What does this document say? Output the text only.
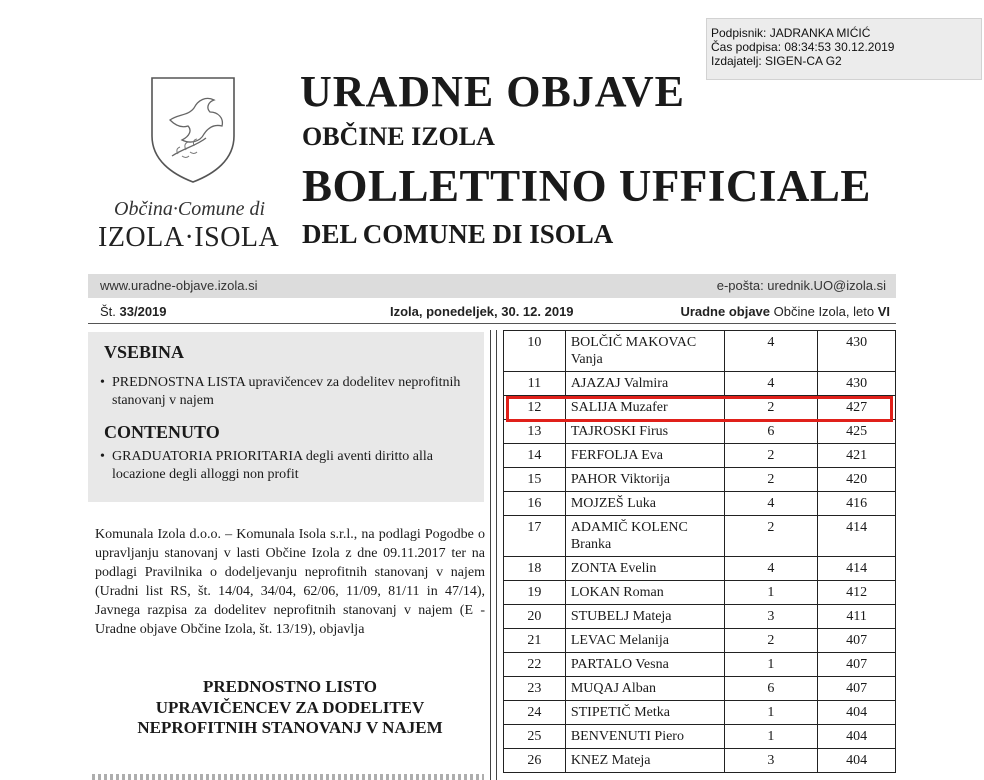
Podpisnik: JADRANKA MIĆIĆ
Čas podpisa: 08:34:53 30.12.2019
Izdajatelj: SIGEN-CA G2
Občina·Comune di
IZOLA·ISOLA
URADNE OBJAVE
OBČINE IZOLA
BOLLETTINO UFFICIALE
DEL COMUNE DI ISOLA
www.uradne-objave.izola.si	e-pošta: urednik.UO@izola.si
Št. 33/2019	Izola, ponedeljek, 30. 12. 2019	Uradne objave Občine Izola, leto VI
VSEBINA
• PREDNOSTNA LISTA upravičencev za dodelitev neprofitnih stanovanj v najem
CONTENUTO
• GRADUATORIA PRIORITARIA degli aventi diritto alla locazione degli alloggi non profit
Komunala Izola d.o.o. – Komunala Isola s.r.l., na podlagi Pogodbe o upravljanju stanovanj v lasti Občine Izola z dne 09.11.2017 ter na podlagi Pravilnika o dodeljevanju neprofitnih stanovanj v najem (Uradni list RS, št. 14/04, 34/04, 62/06, 11/09, 81/11 in 47/14), Javnega razpisa za dodelitev neprofitnih stanovanj v najem (E - Uradne objave Občine Izola, št. 13/19), objavlja
PREDNOSTNO LISTO
UPRAVIČENCEV ZA DODELITEV
NEPROFITNIH STANOVANJ V NAJEM
10	BOLČIČ MAKOVAC Vanja	4	430
11	AJAZAJ Valmira	4	430
12	SALIJA Muzafer	2	427
13	TAJROSKI Firus	6	425
14	FERFOLJA Eva	2	421
15	PAHOR Viktorija	2	420
16	MOJZEŠ Luka	4	416
17	ADAMIČ KOLENC Branka	2	414
18	ZONTA Evelin	4	414
19	LOKAN Roman	1	412
20	STUBELJ Mateja	3	411
21	LEVAC Melanija	2	407
22	PARTALO Vesna	1	407
23	MUQAJ Alban	6	407
24	STIPETIČ Metka	1	404
25	BENVENUTI Piero	1	404
26	KNEZ Mateja	3	404
